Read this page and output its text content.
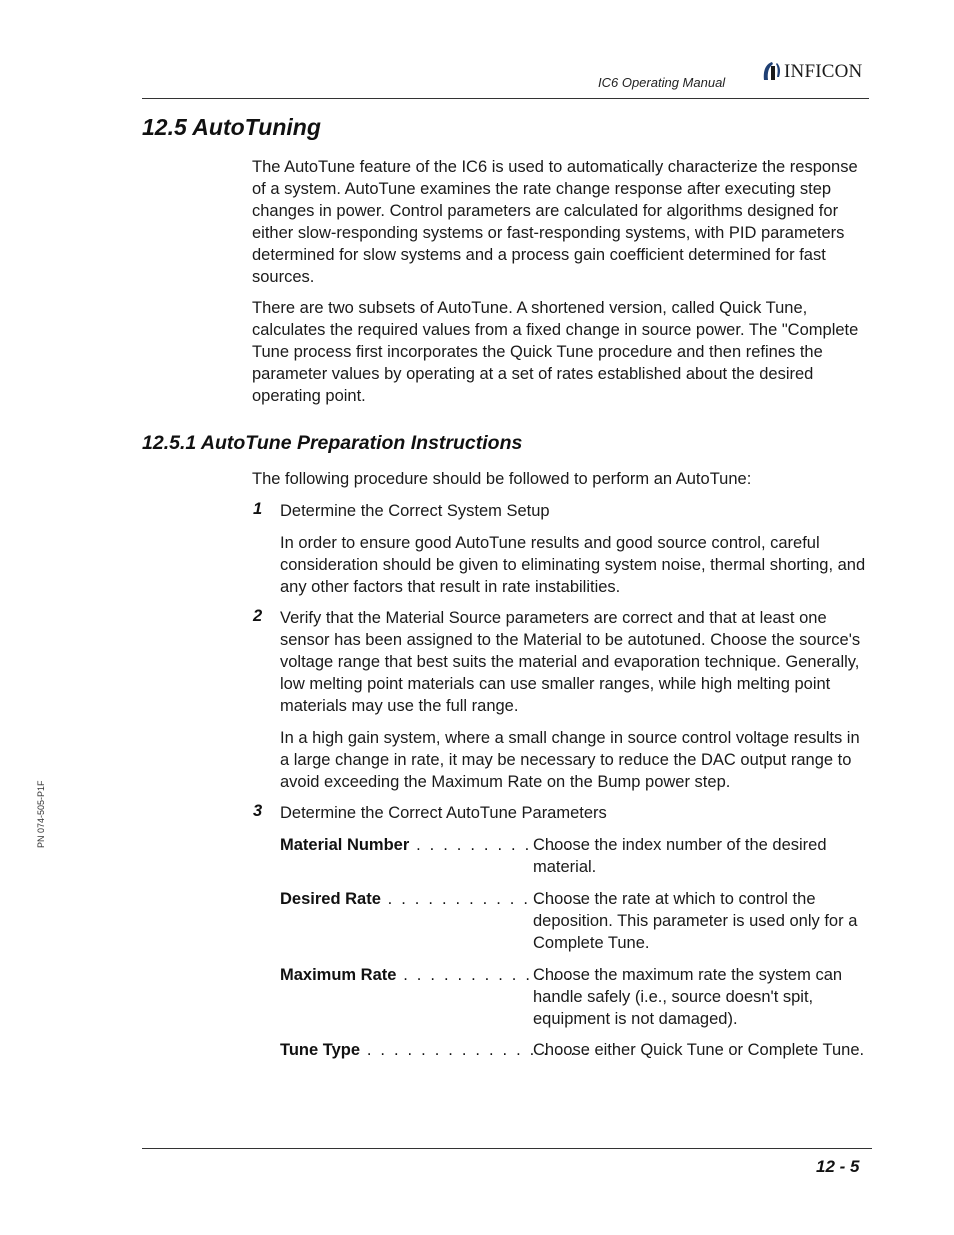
IC6 Operating Manual
INFICON
12.5 AutoTuning
The AutoTune feature of the IC6 is used to automatically characterize the response of a system. AutoTune examines the rate change response after executing step changes in power. Control parameters are calculated for algorithms designed for either slow-responding systems or fast-responding systems, with PID parameters determined for slow systems and a process gain coefficient determined for fast sources.
There are two subsets of AutoTune. A shortened version, called Quick Tune, calculates the required values from a fixed change in source power. The "Complete Tune process first incorporates the Quick Tune procedure and then refines the parameter values by operating at a set of rates established about the desired operating point.
12.5.1 AutoTune Preparation Instructions
The following procedure should be followed to perform an AutoTune:
1 Determine the Correct System Setup
In order to ensure good AutoTune results and good source control, careful consideration should be given to eliminating system noise, thermal shorting, and any other factors that result in rate instabilities.
2 Verify that the Material Source parameters are correct and that at least one sensor has been assigned to the Material to be autotuned. Choose the source's voltage range that best suits the material and evaporation technique. Generally, low melting point materials can use smaller ranges, while high melting point materials may use the full range.
In a high gain system, where a small change in source control voltage results in a large change in rate, it may be necessary to reduce the DAC output range to avoid exceeding the Maximum Rate on the Bump power step.
3 Determine the Correct AutoTune Parameters
Material Number . . . . . . . . . . . .
Choose the index number of the desired material.
Desired Rate . . . . . . . . . . . . . . .
Choose the rate at which to control the deposition. This parameter is used only for a Complete Tune.
Maximum Rate . . . . . . . . . . . . .
Choose the maximum rate the system can handle safely (i.e., source doesn't spit, equipment is not damaged).
Tune Type . . . . . . . . . . . . . . . . .
Choose either Quick Tune or Complete Tune.
PN 074-505-P1F
12 - 5
